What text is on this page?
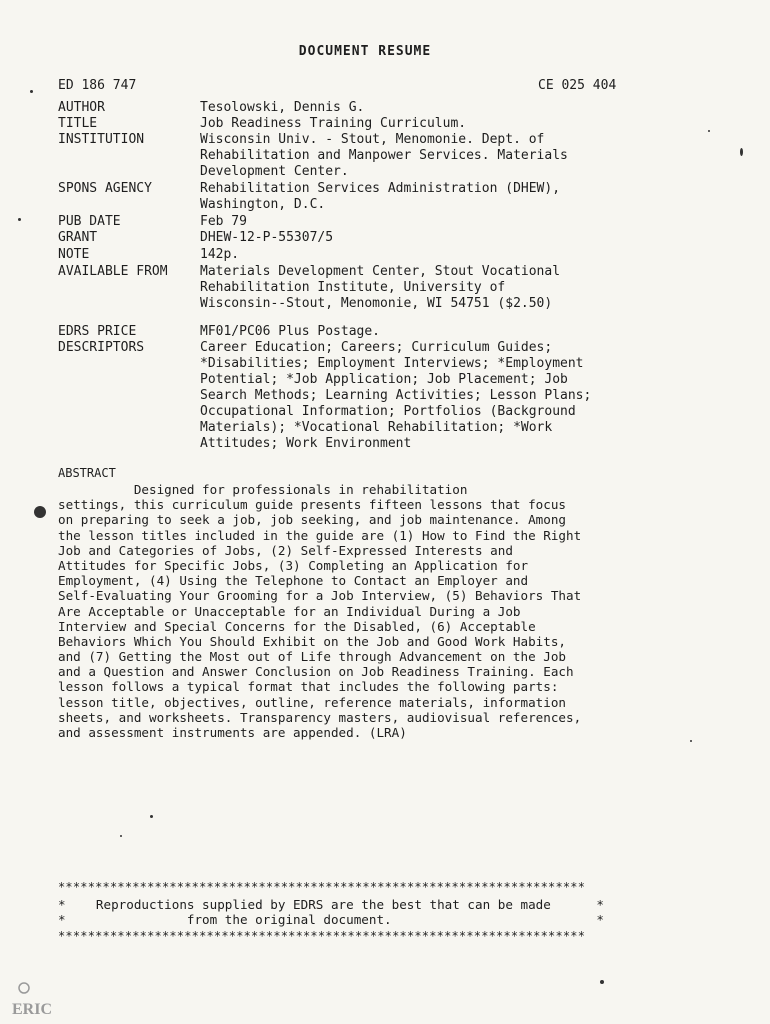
DOCUMENT RESUME
ED 186 747	CE 025 404
AUTHOR	Tesolowski, Dennis G.
TITLE	Job Readiness Training Curriculum.
INSTITUTION	Wisconsin Univ. - Stout, Menomonie. Dept. of
Rehabilitation and Manpower Services. Materials
Development Center.
SPONS AGENCY	Rehabilitation Services Administration (DHEW),
Washington, D.C.
PUB DATE	Feb 79
GRANT	DHEW-12-P-55307/5
NOTE	142p.
AVAILABLE FROM	Materials Development Center, Stout Vocational
Rehabilitation Institute, University of
Wisconsin--Stout, Menomonie, WI 54751 ($2.50)
EDRS PRICE	MF01/PC06 Plus Postage.
DESCRIPTORS	Career Education; Careers; Curriculum Guides;
*Disabilities; Employment Interviews; *Employment
Potential; *Job Application; Job Placement; Job
Search Methods; Learning Activities; Lesson Plans;
Occupational Information; Portfolios (Background
Materials); *Vocational Rehabilitation; *Work
Attitudes; Work Environment
ABSTRACT
Designed for professionals in rehabilitation
settings, this curriculum guide presents fifteen lessons that focus
on preparing to seek a job, job seeking, and job maintenance. Among
the lesson titles included in the guide are (1) How to Find the Right
Job and Categories of Jobs, (2) Self-Expressed Interests and
Attitudes for Specific Jobs, (3) Completing an Application for
Employment, (4) Using the Telephone to Contact an Employer and
Self-Evaluating Your Grooming for a Job Interview, (5) Behaviors That
Are Acceptable or Unacceptable for an Individual During a Job
Interview and Special Concerns for the Disabled, (6) Acceptable
Behaviors Which You Should Exhibit on the Job and Good Work Habits,
and (7) Getting the Most out of Life through Advancement on the Job
and a Question and Answer Conclusion on Job Readiness Training. Each
lesson follows a typical format that includes the following parts:
lesson title, objectives, outline, reference materials, information
sheets, and worksheets. Transparency masters, audiovisual references,
and assessment instruments are appended. (LRA)
***********************************************************************
*    Reproductions supplied by EDRS are the best that can be made      *
*                from the original document.                           *
***********************************************************************
ERIC
